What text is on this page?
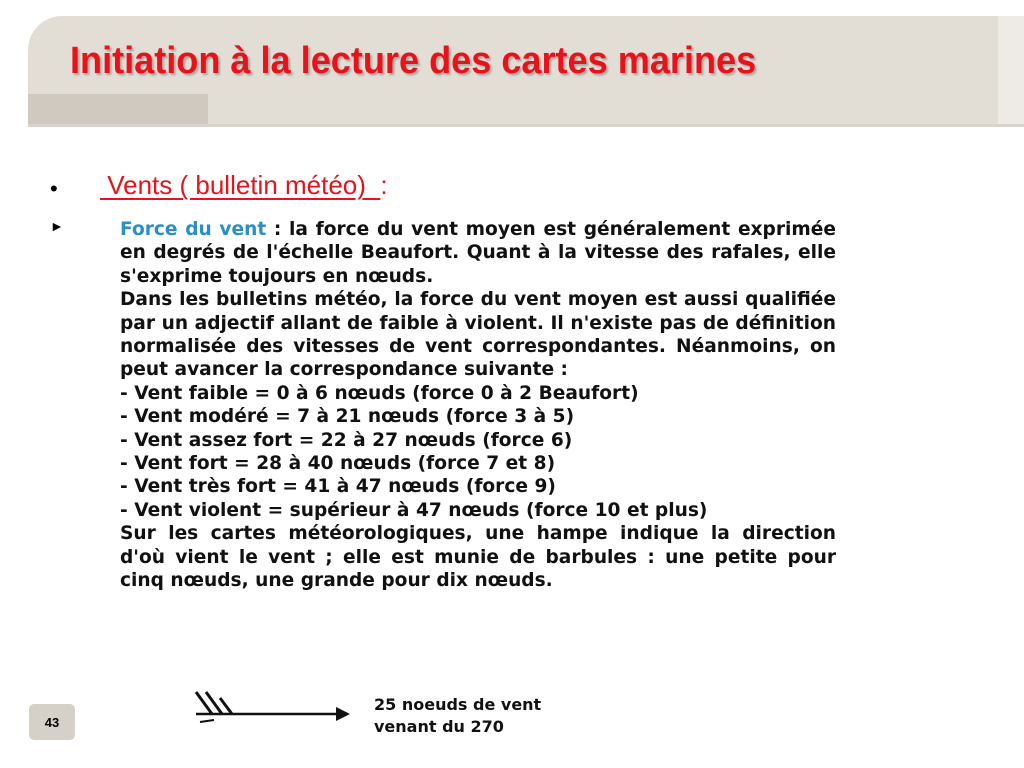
Initiation à la lecture des cartes marines
• Vents ( bulletin météo)  :
►	Force du vent : la force du vent moyen est généralement exprimée en degrés de l'échelle Beaufort. Quant à la vitesse des rafales, elle s'exprime toujours en nœuds.

Dans les bulletins météo, la force du vent moyen est aussi qualifiée par un adjectif allant de faible à violent. Il n'existe pas de définition normalisée des vitesses de vent correspondantes. Néanmoins, on peut avancer la correspondance suivante :

- Vent faible = 0 à 6 nœuds (force 0 à 2 Beaufort)
- Vent modéré = 7 à 21 nœuds (force 3 à 5)
- Vent assez fort = 22 à 27 nœuds (force 6)
- Vent fort = 28 à 40 nœuds (force 7 et 8)
- Vent très fort = 41 à 47 nœuds (force 9)

- Vent violent = supérieur à 47 nœuds (force 10 et plus)

Sur les cartes météorologiques, une hampe indique la direction d'où vient le vent ; elle est munie de barbules : une petite pour cinq nœuds, une grande pour dix nœuds.

25 noeuds de vent
venant du 270
43
